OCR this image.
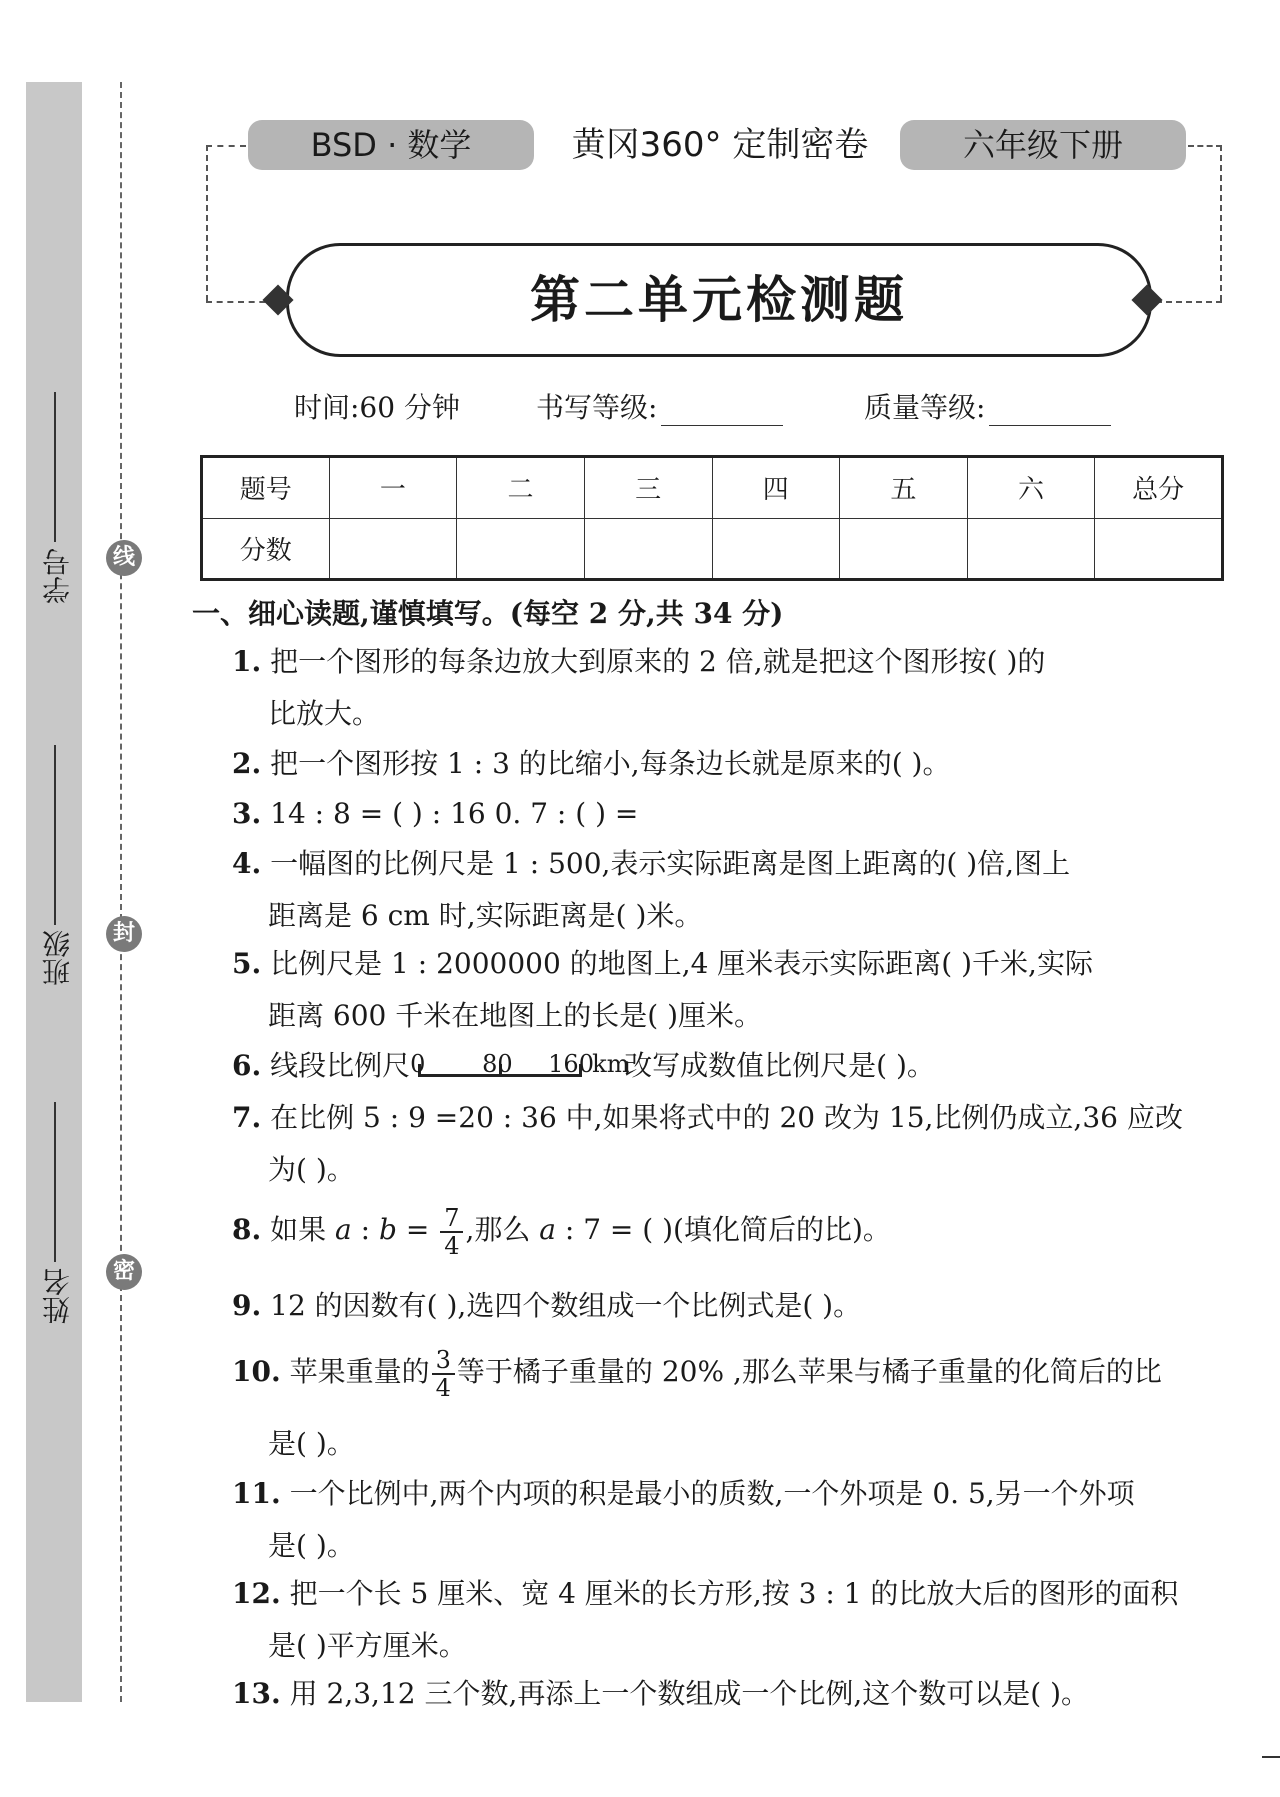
学号
班级
姓名
线
封
密
BSD · 数学	黄冈360° 定制密卷	六年级下册
第二单元检测题
时间:60 分钟	书写等级:	质量等级:
题号	一	二	三	四	五	六	总分
分数							
一、细心读题,谨慎填写。(每空 2 分,共 34 分)
1. 把一个图形的每条边放大到原来的 2 倍,就是把这个图形按( )的
比放大。
2. 把一个图形按 1 : 3 的比缩小,每条边长就是原来的( )。
3. 14 : 8 = ( ) : 16 0. 7 : ( ) =
4. 一幅图的比例尺是 1 : 500,表示实际距离是图上距离的( )倍,图上
距离是 6 cm 时,实际距离是( )米。
5. 比例尺是 1 : 2000000 的地图上,4 厘米表示实际距离( )千米,实际
距离 600 千米在地图上的长是( )厘米。
6. 线段比例尺 0 80 160
km
改写成数值比例尺是( )。
7. 在比例 5 : 9 =20 : 36 中,如果将式中的 20 改为 15,比例仍成立,36 应改
为( )。
8. 如果 a : $b = \frac{7}{4}$ ,那么 a : 7 = ( )(填化简后的比)。
9. 12 的因数有( ),选四个数组成一个比例式是( )。
10. 苹果重量的 $\frac{3}{4}$ 等于橘子重量的 20% ,那么苹果与橘子重量的化简后的比
是( )。
11. 一个比例中,两个内项的积是最小的质数,一个外项是 0. 5,另一个外项
是( )。
12. 把一个长 5 厘米、宽 4 厘米的长方形,按 3 : 1 的比放大后的图形的面积
是( )平方厘米。
13. 用 2,3,12 三个数,再添上一个数组成一个比例,这个数可以是( )。
